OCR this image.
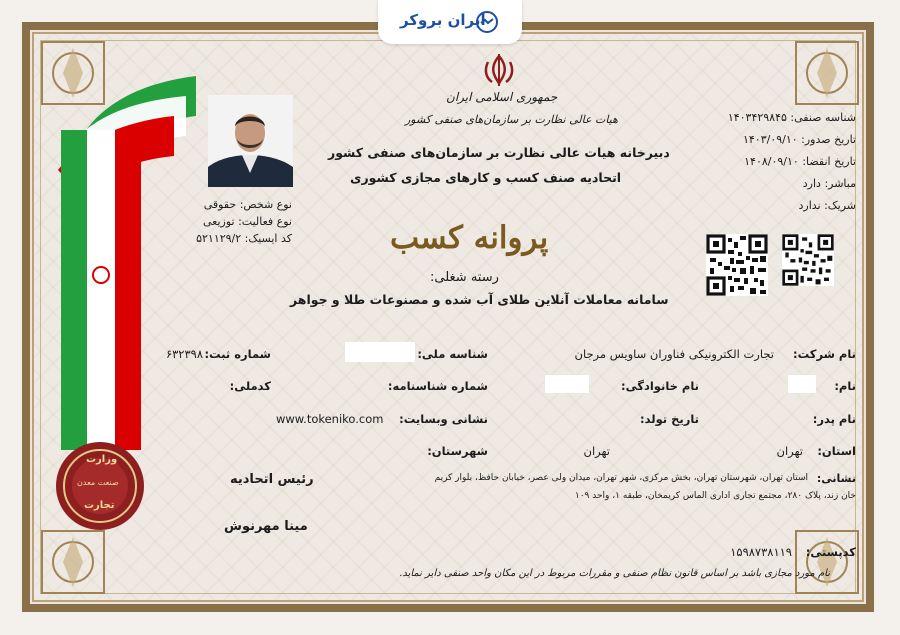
ایران بروکر
جمهوری اسلامی ایران
هیات عالی نظارت بر سازمان‌های صنفی کشور
دبیرخانه هیات عالی نظارت بر سازمان‌های صنفی کشور
اتحادیه صنف کسب و کارهای مجازی کشوری
پروانه کسب
رسته شغلی:
سامانه معاملات آنلاین طلای آب شده و مصنوعات طلا و جواهر
شناسه صنفی: ۱۴۰۳۴۲۹۸۴۵
تاریخ صدور: ۱۴۰۳/۰۹/۱۰
تاریخ انقضا: ۱۴۰۸/۰۹/۱۰
مباشر: دارد
شریک: ندارد
نوع شخص: حقوقی
نوع فعالیت: توزیعی
کد ایسیک: ۵۲۱۱۲۹/۲
وزارت
صنعت معدن
تجارت
نام شرکت:
تجارت الکترونیکی فناوران ساویس مرجان
شناسه ملی:
شماره ثبت:
۶۳۲۳۹۸
نام:
نام خانوادگی:
شماره شناسنامه:
کدملی:
نام پدر:
تاریخ تولد:
نشانی وبسایت:
www.tokeniko.com
استان:
تهران
شهرستان:	تهران
نشانی:
استان تهران، شهرستان تهران، بخش مرکزی، شهر تهران، میدان ولی عصر، خیابان حافظ، بلوار کریم
خان زند، پلاک ۲۸۰، مجتمع تجاری اداری الماس کریمخان، طبقه ۱، واحد ۱۰۹
کدپستی:
۱۵۹۸۷۳۸۱۱۹
رئیس اتحادیه
مینا مهرنوش
نام مورد مجازی باشد بر اساس قانون نظام صنفی و مقررات مربوط در این مکان واحد صنفی دایر نماید.
